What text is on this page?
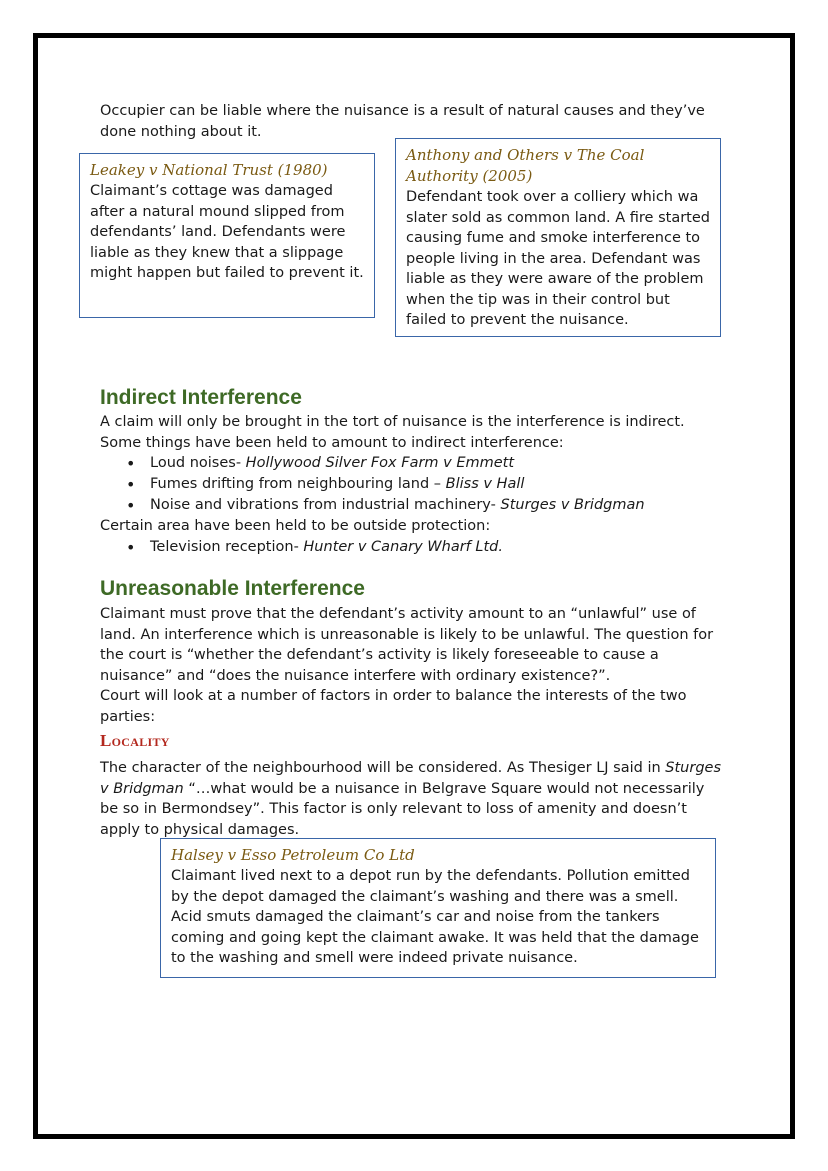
Occupier can be liable where the nuisance is a result of natural causes and they’ve done nothing about it.
Leakey v National Trust (1980)
Claimant’s cottage was damaged after a natural mound slipped from defendants’ land. Defendants were liable as they knew that a slippage might happen but failed to prevent it.
Anthony and Others v The Coal Authority (2005)
Defendant took over a colliery which wa slater sold as common land. A fire started causing fume and smoke interference to people living in the area. Defendant was liable as they were aware of the problem when the tip was in their control but failed to prevent the nuisance.
Indirect Interference
A claim will only be brought in the tort of nuisance is the interference is indirect. Some things have been held to amount to indirect interference:
• Loud noises- Hollywood Silver Fox Farm v Emmett
• Fumes drifting from neighbouring land – Bliss v Hall
• Noise and vibrations from industrial machinery- Sturges v Bridgman
Certain area have been held to be outside protection:
• Television reception- Hunter v Canary Wharf Ltd.
Unreasonable Interference
Claimant must prove that the defendant’s activity amount to an “unlawful” use of land. An interference which is unreasonable is likely to be unlawful. The question for the court is “whether the defendant’s activity is likely foreseeable to cause a nuisance” and “does the nuisance interfere with ordinary existence?”.
Court will look at a number of factors in order to balance the interests of the two parties:
Locality
The character of the neighbourhood will be considered. As Thesiger LJ said in Sturges v Bridgman “…what would be a nuisance in Belgrave Square would not necessarily be so in Bermondsey”. This factor is only relevant to loss of amenity and doesn’t apply to physical damages.
Halsey v Esso Petroleum Co Ltd
Claimant lived next to a depot run by the defendants. Pollution emitted by the depot damaged the claimant’s washing and there was a smell. Acid smuts damaged the claimant’s car and noise from the tankers coming and going kept the claimant awake. It was held that the damage to the washing and smell were indeed private nuisance.
